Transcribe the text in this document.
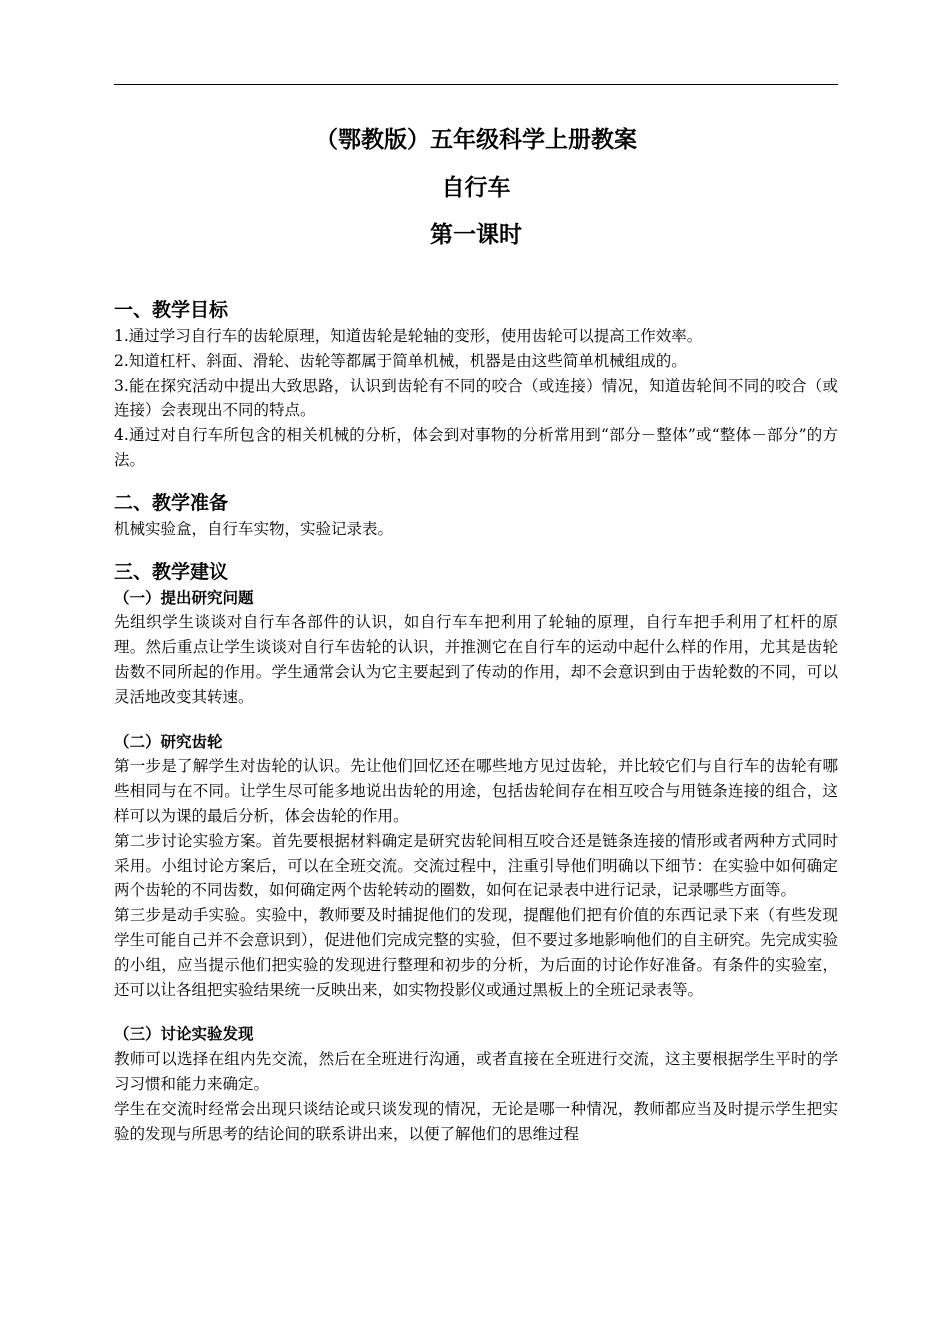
（鄂教版）五年级科学上册教案
自行车
第一课时
一、教学目标

1.通过学习自行车的齿轮原理，知道齿轮是轮轴的变形，使用齿轮可以提高工作效率。

2.知道杠杆、斜面、滑轮、齿轮等都属于简单机械，机器是由这些简单机械组成的。

3.能在探究活动中提出大致思路，认识到齿轮有不同的咬合（或连接）情况，知道齿轮间不同的咬合（或连接）会表现出不同的特点。

4.通过对自行车所包含的相关机械的分析，体会到对事物的分析常用到“部分－整体”或“整体－部分”的方法。

二、教学准备

机械实验盒，自行车实物，实验记录表。

三、教学建议
（一）提出研究问题

先组织学生谈谈对自行车各部件的认识，如自行车车把利用了轮轴的原理，自行车把手利用了杠杆的原理。然后重点让学生谈谈对自行车齿轮的认识，并推测它在自行车的运动中起什么样的作用，尤其是齿轮齿数不同所起的作用。学生通常会认为它主要起到了传动的作用，却不会意识到由于齿轮数的不同，可以灵活地改变其转速。

（二）研究齿轮

第一步是了解学生对齿轮的认识。先让他们回忆还在哪些地方见过齿轮，并比较它们与自行车的齿轮有哪些相同与在不同。让学生尽可能多地说出齿轮的用途，包括齿轮间存在相互咬合与用链条连接的组合，这样可以为课的最后分析，体会齿轮的作用。

第二步讨论实验方案。首先要根据材料确定是研究齿轮间相互咬合还是链条连接的情形或者两种方式同时采用。小组讨论方案后，可以在全班交流。交流过程中，注重引导他们明确以下细节：在实验中如何确定两个齿轮的不同齿数，如何确定两个齿轮转动的圈数，如何在记录表中进行记录，记录哪些方面等。

第三步是动手实验。实验中，教师要及时捕捉他们的发现，提醒他们把有价值的东西记录下来（有些发现学生可能自己并不会意识到），促进他们完成完整的实验，但不要过多地影响他们的自主研究。先完成实验的小组，应当提示他们把实验的发现进行整理和初步的分析，为后面的讨论作好准备。有条件的实验室，还可以让各组把实验结果统一反映出来，如实物投影仪或通过黑板上的全班记录表等。

（三）讨论实验发现

教师可以选择在组内先交流，然后在全班进行沟通，或者直接在全班进行交流，这主要根据学生平时的学习习惯和能力来确定。

学生在交流时经常会出现只谈结论或只谈发现的情况，无论是哪一种情况，教师都应当及时提示学生把实验的发现与所思考的结论间的联系讲出来，以便了解他们的思维过程
